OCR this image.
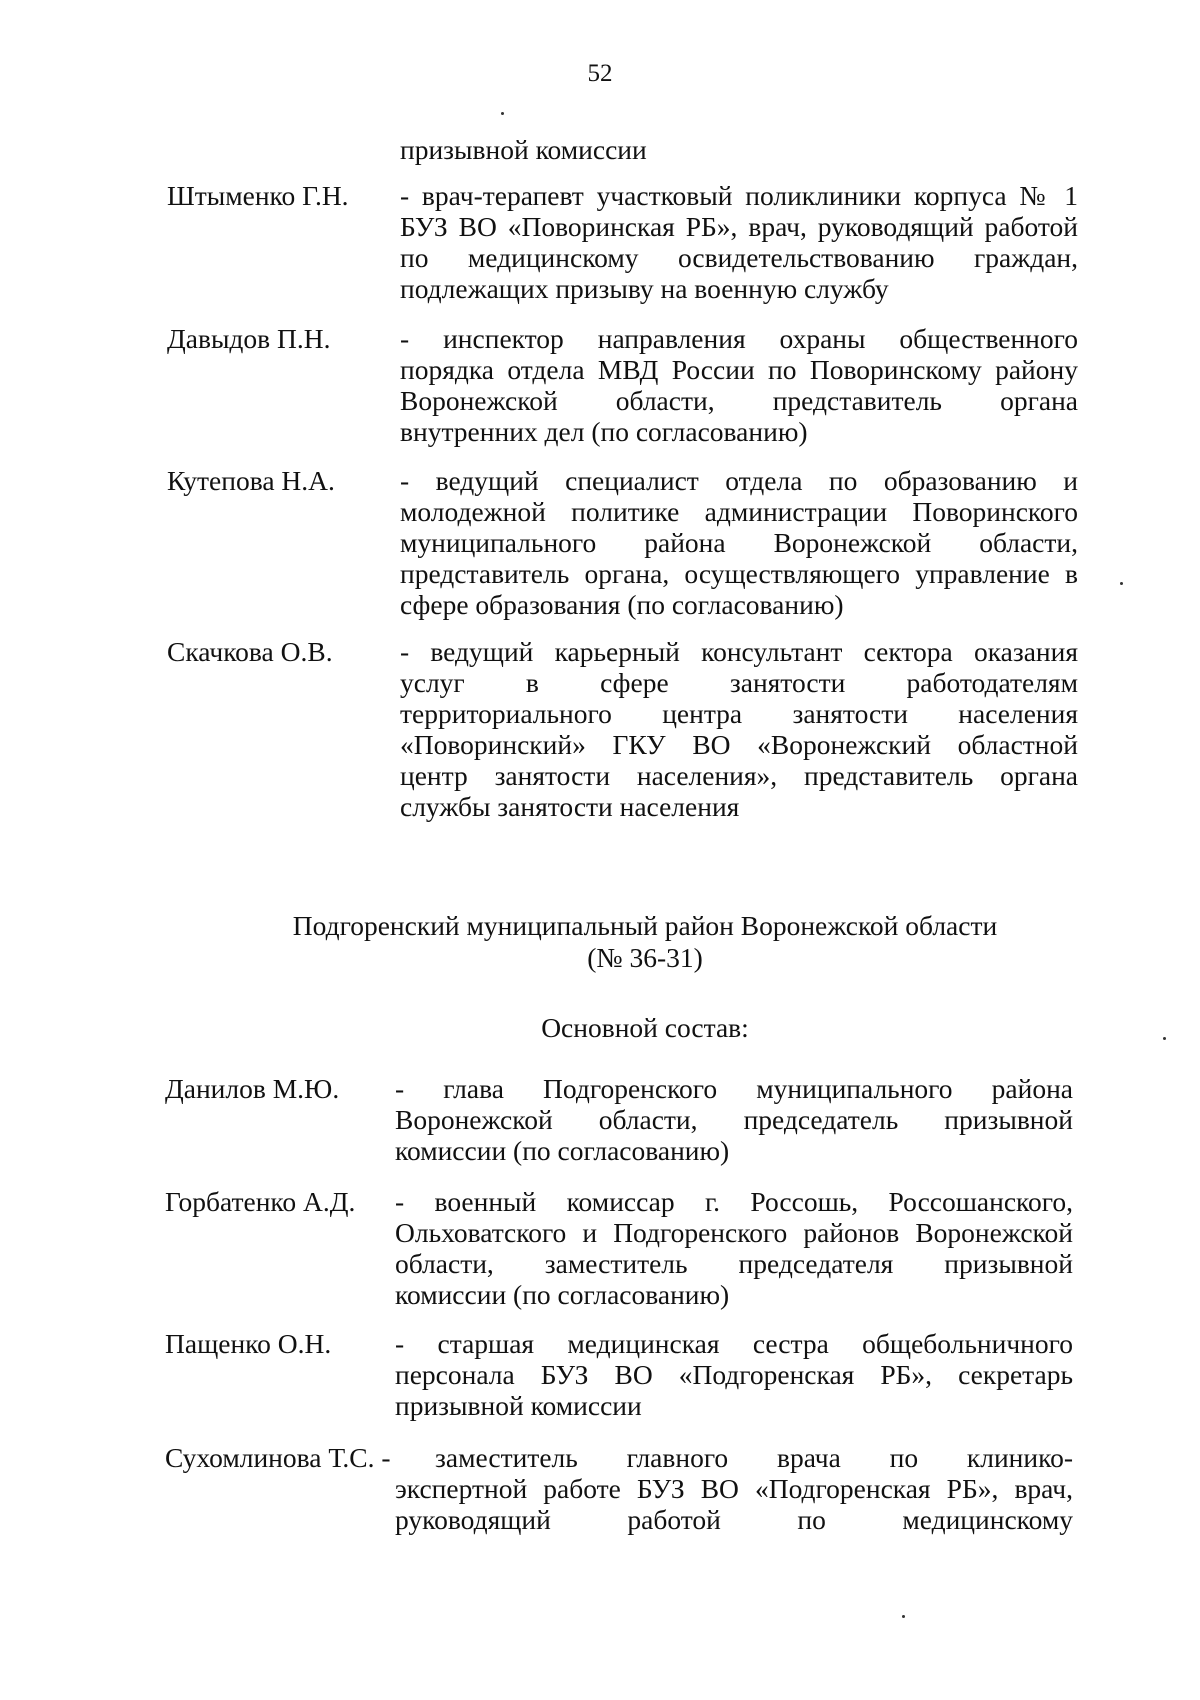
52
призывной комиссии
Штыменко Г.Н. - врач-терапевт участковый поликлиники корпуса № 1
БУЗ ВО «Поворинская РБ», врач, руководящий работой
по медицинскому освидетельствованию граждан,
подлежащих призыву на военную службу
Давыдов П.Н.	- инспектор направления охраны общественного
порядка отдела МВД России по Поворинскому району
Воронежской области, представитель органа
внутренних дел (по согласованию)
Кутепова Н.А. - ведущий специалист отдела по образованию и
молодежной политике администрации Поворинского
муниципального района Воронежской области,
представитель органа, осуществляющего управление в
сфере образования (по согласованию)
Скачкова О.В. - ведущий карьерный консультант сектора оказания
услуг в сфере занятости работодателям
территориального центра занятости населения
«Поворинский» ГКУ ВО «Воронежский областной
центр занятости населения», представитель органа
службы занятости населения
Подгоренский муниципальный район Воронежской области
(№ 36-31)
Основной состав:
Данилов М.Ю. - глава Подгоренского муниципального района
Воронежской области, председатель призывной
комиссии (по согласованию)
Горбатенко А.Д. - военный комиссар г. Россошь, Россошанского,
Ольховатского и Подгоренского районов Воронежской
области, заместитель председателя призывной
комиссии (по согласованию)
Пащенко О.Н. - старшая медицинская сестра общебольничного
персонала БУЗ ВО «Подгоренская РБ», секретарь
призывной комиссии
Сухомлинова Т.С. - заместитель главного врача по клинико-
экспертной работе БУЗ ВО «Подгоренская РБ», врач,
руководящий работой по медицинскому
